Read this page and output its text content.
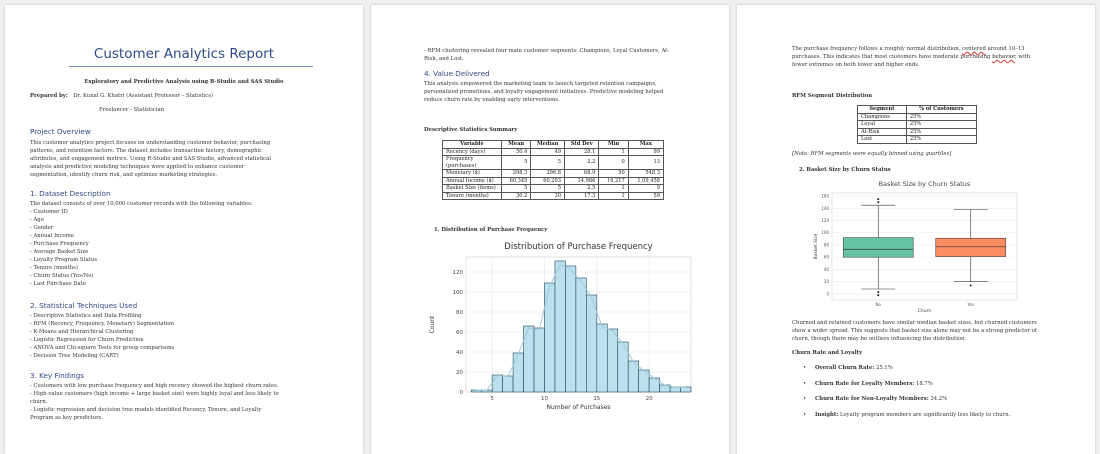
Customer Analytics Report
Exploratory and Predictive Analysis using R-Studio and SAS Studio
Prepared by: Dr. Kunal G. Khatri (Assistant Professor – Statistics)
Freelancer - Statistician
Project Overview
This customer analytics project focuses on understanding customer behavior, purchasing
patterns, and retention factors. The dataset includes transaction history, demographic
attributes, and engagement metrics. Using R-Studio and SAS Studio, advanced statistical
analysis and predictive modeling techniques were applied to enhance customer
segmentation, identify churn risk, and optimize marketing strategies.
1. Dataset Description
The dataset consists of over 10,000 customer records with the following variables:
- Customer ID
- Age
- Gender
- Annual Income
- Purchase Frequency
- Average Basket Size
- Loyalty Program Status
- Tenure (months)
- Churn Status (Yes/No)
- Last Purchase Date
2. Statistical Techniques Used
- Descriptive Statistics and Data Profiling
- RFM (Recency, Frequency, Monetary) Segmentation
- K-Means and Hierarchical Clustering
- Logistic Regression for Churn Prediction
- ANOVA and Chi-square Tests for group comparisons
- Decision Tree Modeling (CART)
3. Key Findings
- Customers with low purchase frequency and high recency showed the highest churn rates.
- High-value customers (high income + large basket size) were highly loyal and less likely to
churn.
- Logistic regression and decision tree models identified Recency, Tenure, and Loyalty
Program as key predictors.
- RFM clustering revealed four main customer segments: Champions, Loyal Customers, At-
Risk, and Lost.
4. Value Delivered
This analysis empowered the marketing team to launch targeted retention campaigns,
personalized promotions, and loyalty engagement initiatives. Predictive modeling helped
reduce churn rate by enabling early interventions.
Descriptive Statistics Summary
Variable	Mean	Median	Std Dev	Min	Max
Recency (days)	50.4	49	28.1	1	99
Frequency (purchases)	5	5	2.2	0	13
Monetary ($)	298.3	296.8	68.9	50	548.3
Annual Income ($)	60,345	60,203	14,986	16,217	1,09,458
Basket Size (items)	5	5	2.5	1	9
Tenure (months)	30.2	30	17.3	1	59
1. Distribution of Purchase Frequency
Distribution of Purchase Frequency
0
20
40
60
80
100
120
5	10	15	20
Number of Purchases
Count
The purchase frequency follows a roughly normal distribution, centered around 10–13
purchases. This indicates that most customers have moderate purchasing behavior, with
fewer extremes on both lower and higher ends.
RFM Segment Distribution
Segment	% of Customers
Champions	25%
Loyal	25%
At-Risk	25%
Lost	25%
[Note: RFM segments were equally binned using quartiles]
2. Basket Size by Churn Status
Basket Size by Churn Status
0
20
40
60
80
100
120
140
160
No	Yes
Churn
Basket Size
Churned and retained customers have similar median basket sizes, but churned customers
show a wider spread. This suggests that basket size alone may not be a strong predictor of
churn, though there may be outliers influencing the distribution.
Churn Rate and Loyalty
• Overall Churn Rate: 25.1%
• Churn Rate for Loyalty Members: 18.7%
• Churn Rate for Non-Loyalty Members: 34.2%
• Insight: Loyalty program members are significantly less likely to churn.
